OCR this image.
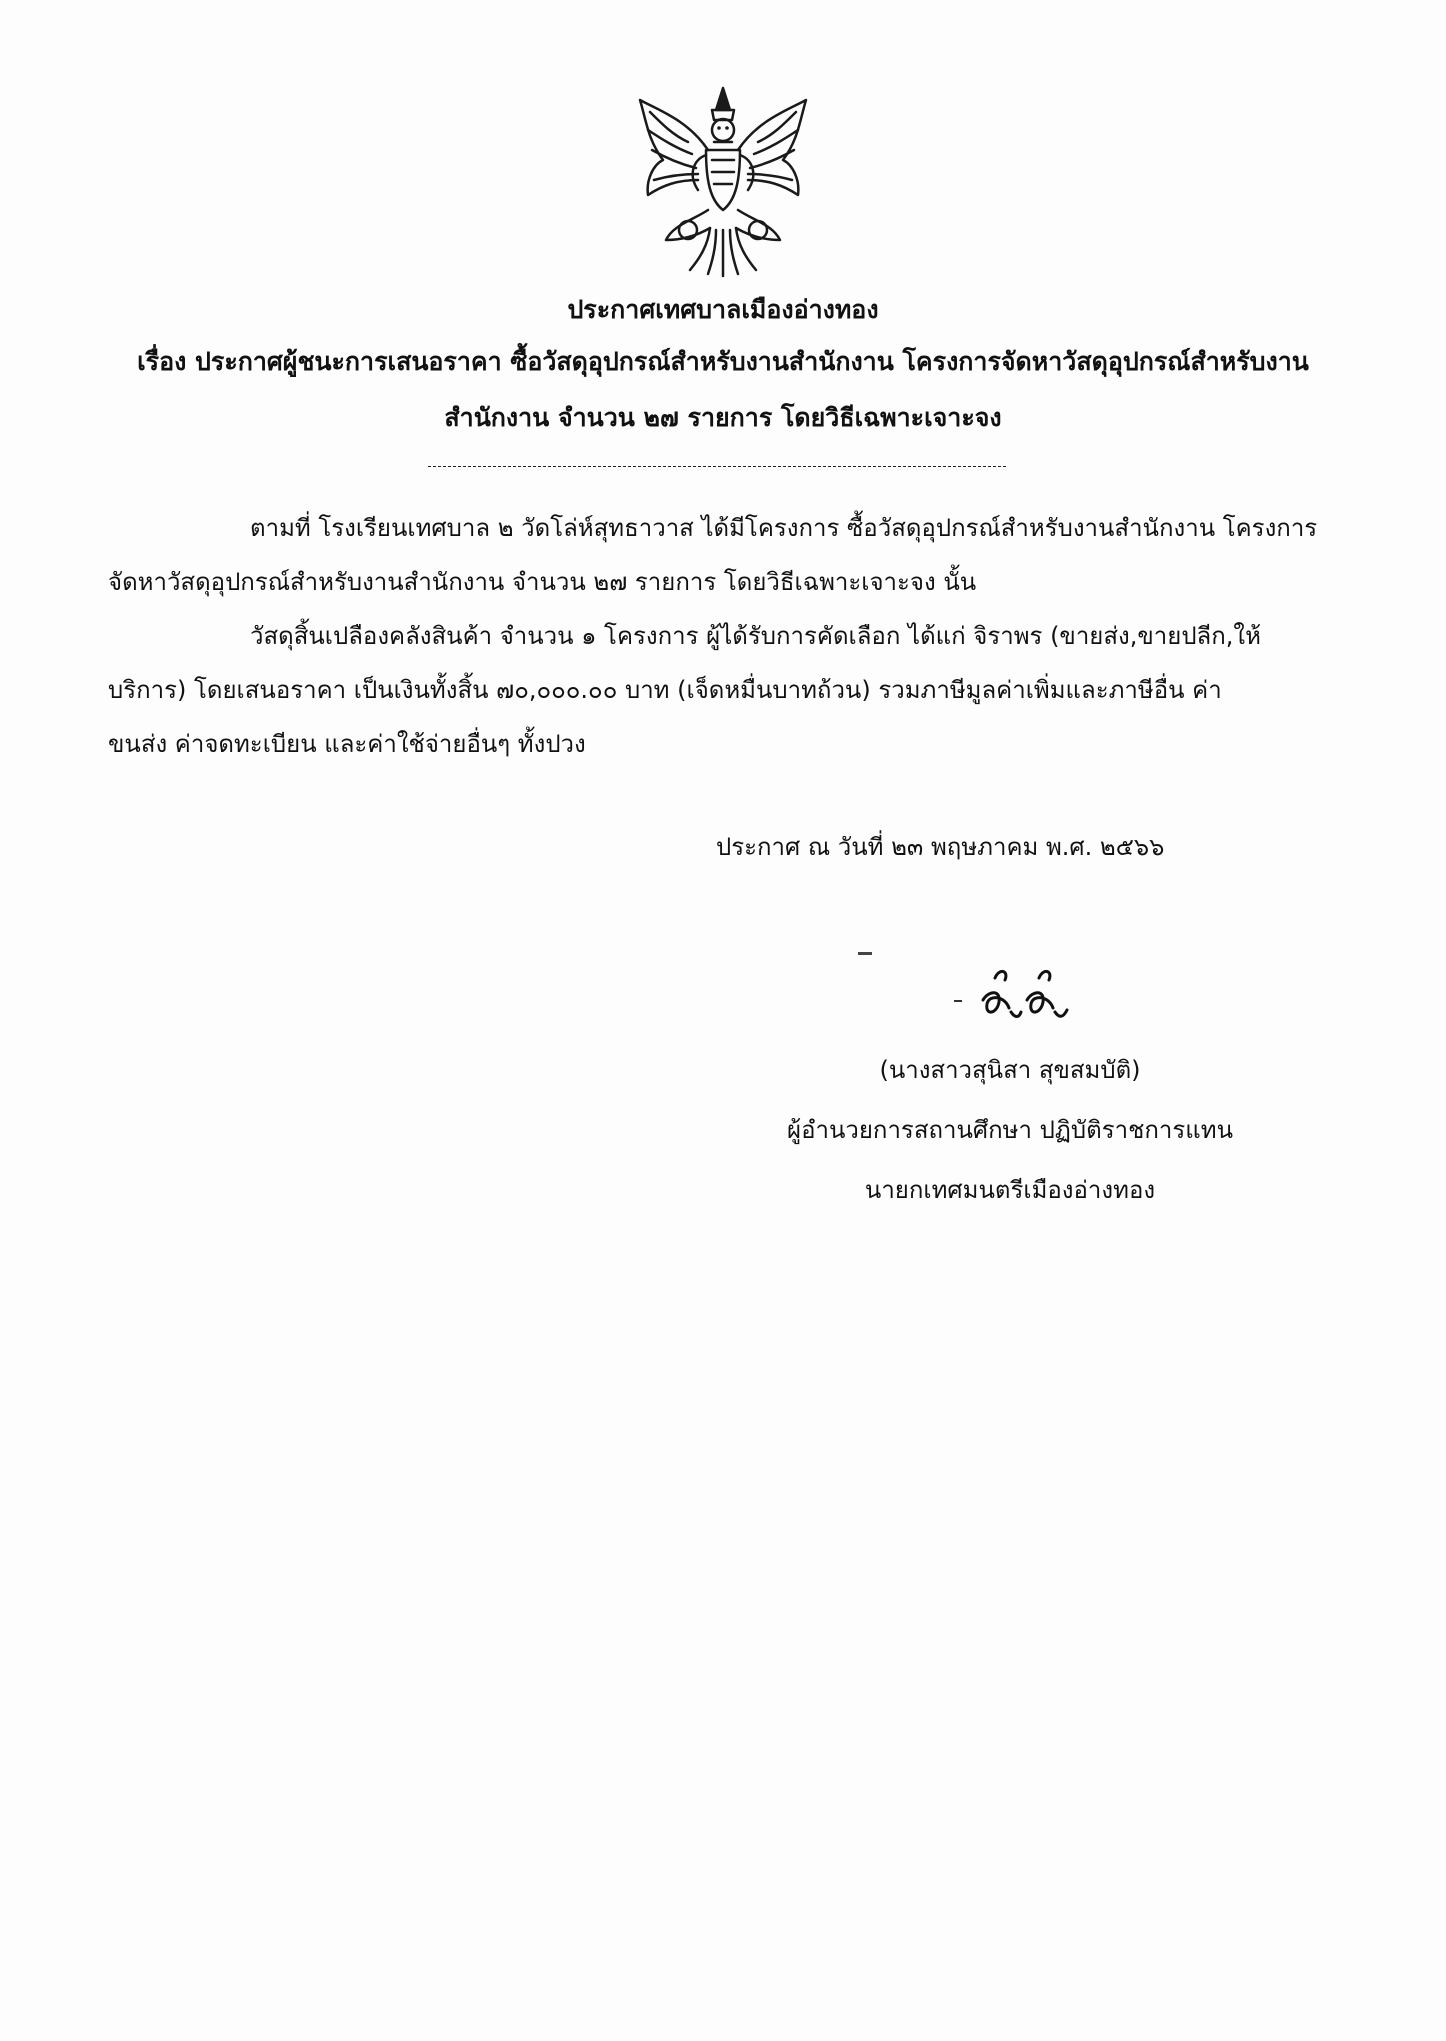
ประกาศเทศบาลเมืองอ่างทอง
เรื่อง ประกาศผู้ชนะการเสนอราคา ซื้อวัสดุอุปกรณ์สำหรับงานสำนักงาน โครงการจัดหาวัสดุอุปกรณ์สำหรับงาน
สำนักงาน จำนวน ๒๗ รายการ โดยวิธีเฉพาะเจาะจง
ตามที่ โรงเรียนเทศบาล ๒ วัดโล่ห์สุทธาวาส ได้มีโครงการ ซื้อวัสดุอุปกรณ์สำหรับงานสำนักงาน โครงการ
จัดหาวัสดุอุปกรณ์สำหรับงานสำนักงาน จำนวน ๒๗ รายการ โดยวิธีเฉพาะเจาะจง นั้น
วัสดุสิ้นเปลืองคลังสินค้า จำนวน ๑ โครงการ ผู้ได้รับการคัดเลือก ได้แก่ จิราพร (ขายส่ง,ขายปลีก,ให้
บริการ) โดยเสนอราคา เป็นเงินทั้งสิ้น ๗๐,๐๐๐.๐๐ บาท (เจ็ดหมื่นบาทถ้วน) รวมภาษีมูลค่าเพิ่มและภาษีอื่น ค่า
ขนส่ง ค่าจดทะเบียน และค่าใช้จ่ายอื่นๆ ทั้งปวง
ประกาศ ณ วันที่ ๒๓ พฤษภาคม พ.ศ. ๒๕๖๖
(นางสาวสุนิสา สุขสมบัติ)
ผู้อำนวยการสถานศึกษา ปฏิบัติราชการแทน
นายกเทศมนตรีเมืองอ่างทอง
